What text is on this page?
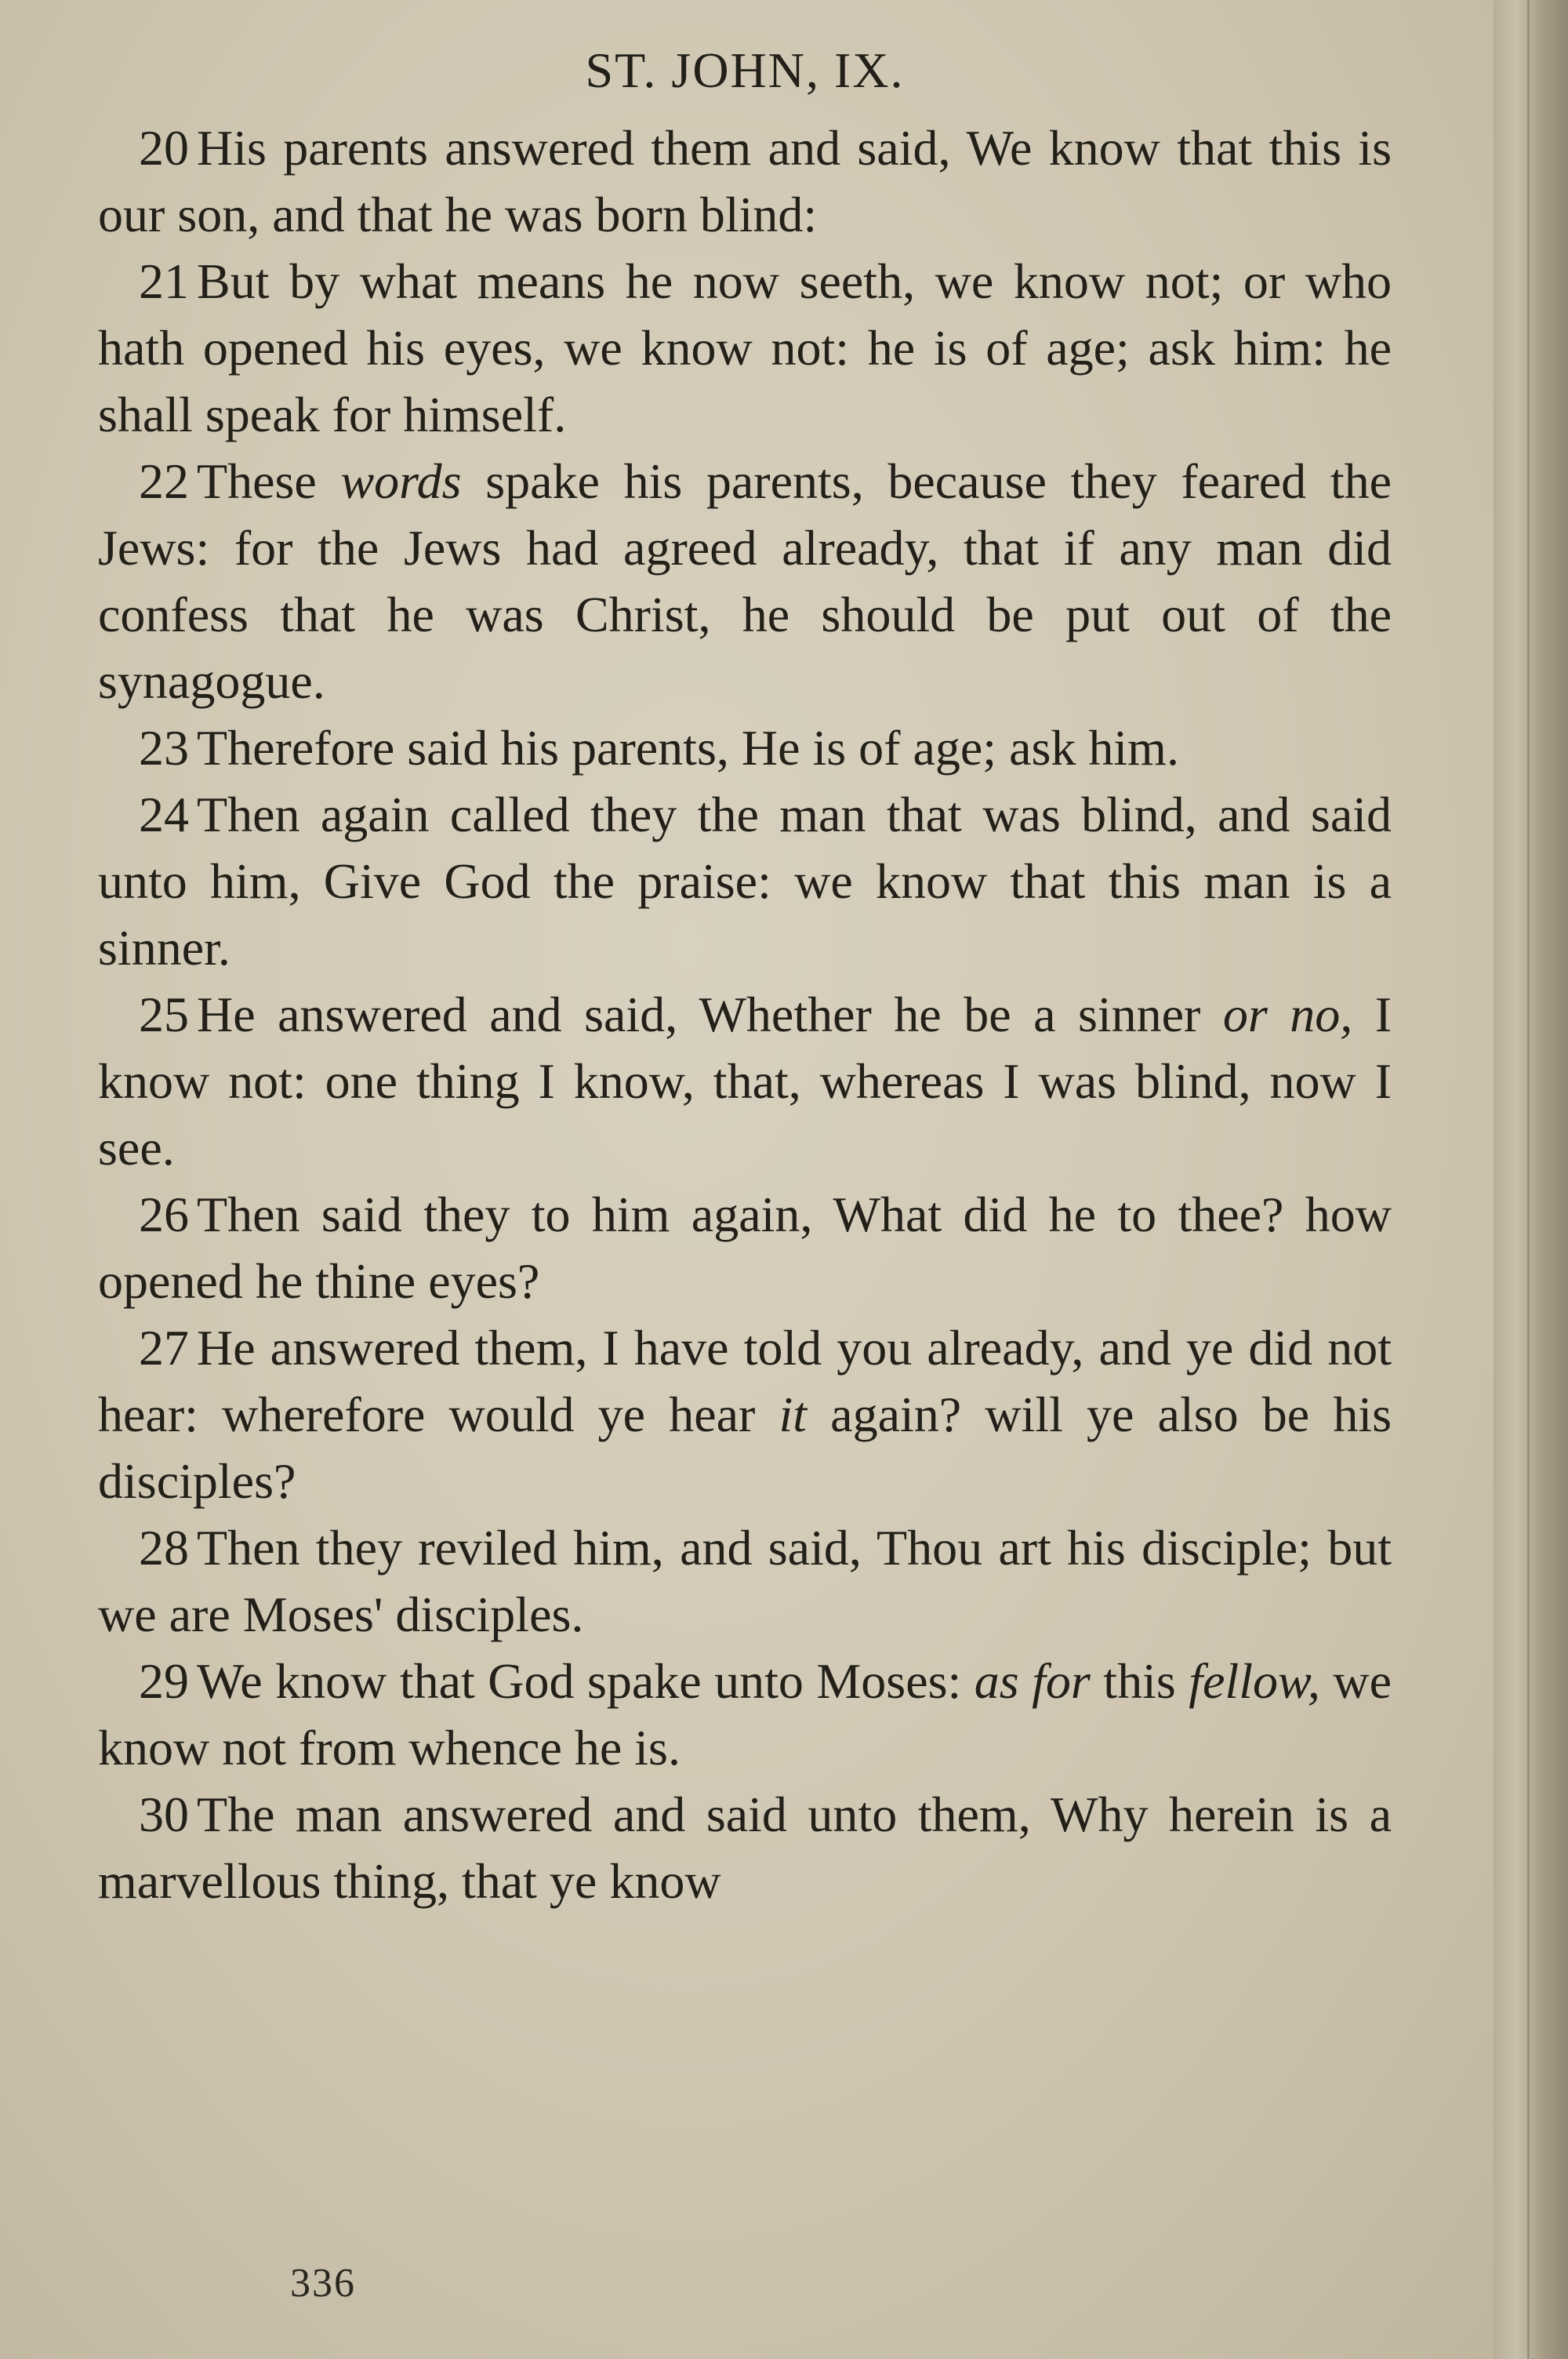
ST. JOHN, IX.

20 His parents answered them and said, We know that this is our son, and that he was born blind:

21 But by what means he now seeth, we know not; or who hath opened his eyes, we know not: he is of age; ask him: he shall speak for himself.

22 These words spake his parents, because they feared the Jews: for the Jews had agreed already, that if any man did confess that he was Christ, he should be put out of the synagogue.

23 Therefore said his parents, He is of age; ask him.

24 Then again called they the man that was blind, and said unto him, Give God the praise: we know that this man is a sinner.

25 He answered and said, Whether he be a sinner or no, I know not: one thing I know, that, whereas I was blind, now I see.

26 Then said they to him again, What did he to thee? how opened he thine eyes?

27 He answered them, I have told you already, and ye did not hear: wherefore would ye hear it again? will ye also be his disciples?

28 Then they reviled him, and said, Thou art his disciple; but we are Moses' disciples.

29 We know that God spake unto Moses: as for this fellow, we know not from whence he is.

30 The man answered and said unto them, Why herein is a marvellous thing, that ye know

336
